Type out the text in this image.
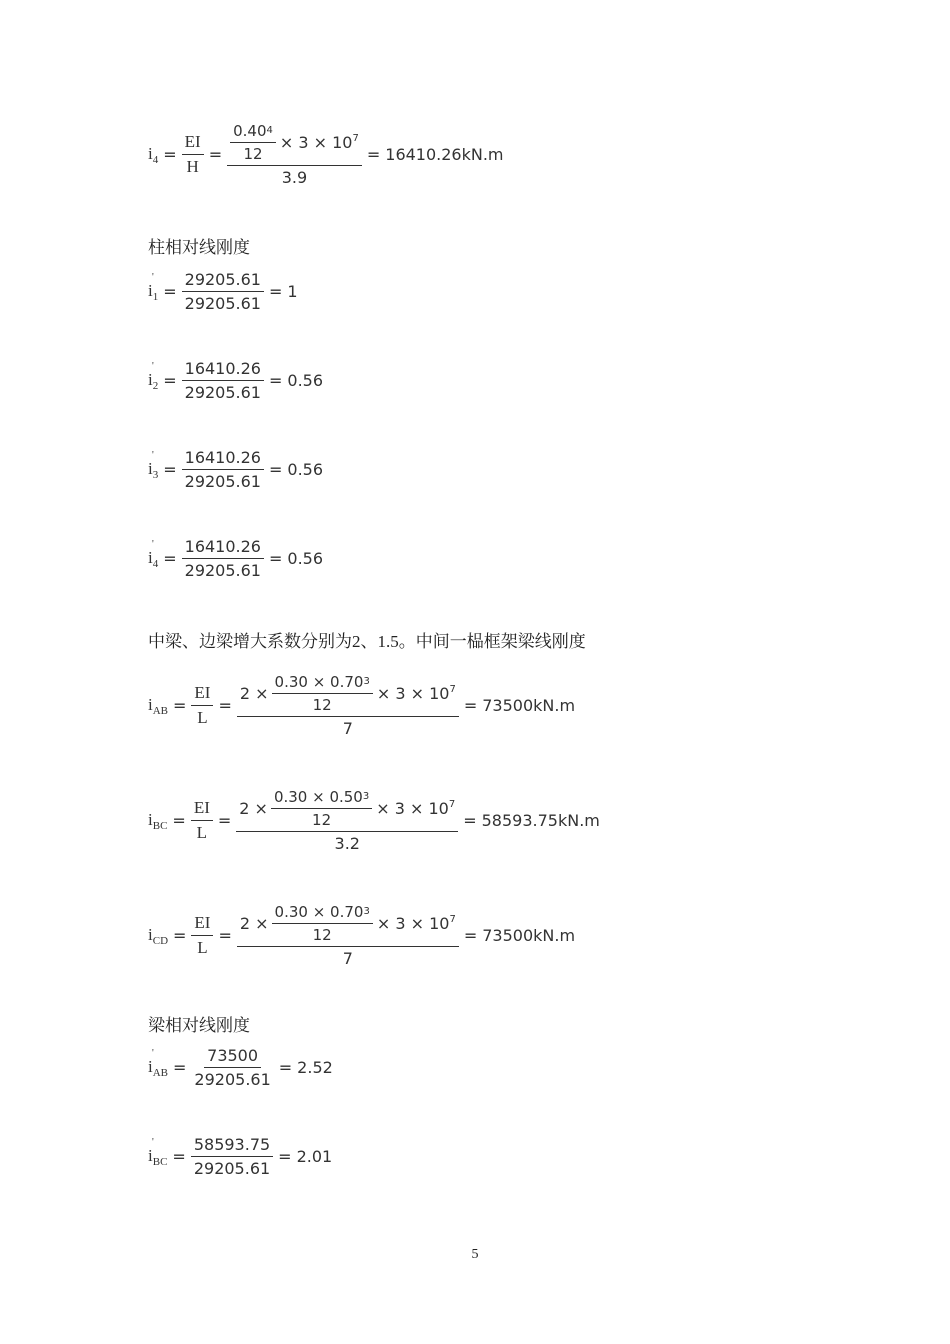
$i_4 = \frac{EI}{H} = \frac{\frac{0.40 4}{12} \times 3 \times 10^7}{3.9} = 16410.26kN.m$
柱相对线刚度
'
$i_1 = \frac{29205.61}{29205.61} = 1$
'
$i_2 = \frac{16410.26}{29205.61} = 0.56$
'
$i_3 = \frac{16410.26}{29205.61} = 0.56$
'
$i_4 = \frac{16410.26}{29205.61} = 0.56$
中梁、边梁增大系数分别为2、1.5。中间一榀框架梁线刚度
$i_{AB} = \frac{EI}{L} = \frac{2 \times \frac{0.30 \times 0.70 3}{12} \times 3 \times 10^7}{7} = 73500kN.m$
$i_{BC} = \frac{EI}{L} = \frac{2 \times \frac{0.30 \times 0.50 3}{12} \times 3 \times 10^7}{3.2} = 58593.75kN.m$
$i_{CD} = \frac{EI}{L} = \frac{2 \times \frac{0.30 \times 0.70 3}{12} \times 3 \times 10^7}{7} = 73500kN.m$
梁相对线刚度
'
$i_{AB} = \frac{73500}{29205.61} = 2.52$
'
$i_{BC} = \frac{58593.75}{29205.61} = 2.01$
5
